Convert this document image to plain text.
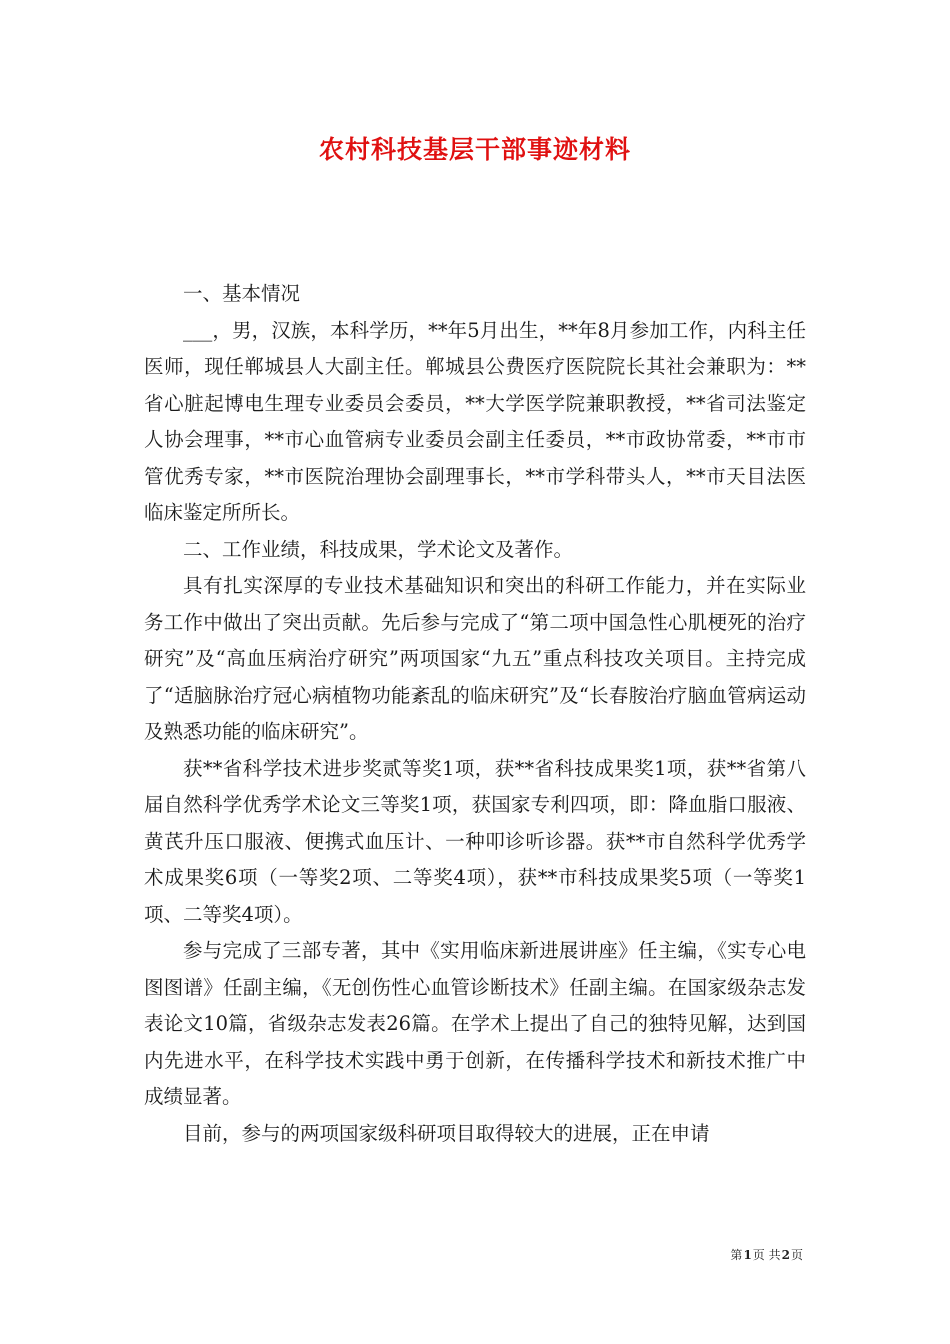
农村科技基层干部事迹材料

一、基本情况

___，男，汉族，本科学历，**年5月出生，**年8月参加工作，内科主任医师，现任郸城县人大副主任。郸城县公费医疗医院院长其社会兼职为：**省心脏起博电生理专业委员会委员，**大学医学院兼职教授，**省司法鉴定人协会理事，**市心血管病专业委员会副主任委员，**市政协常委，**市市管优秀专家，**市医院治理协会副理事长，**市学科带头人，**市天目法医临床鉴定所所长。

二、工作业绩，科技成果，学术论文及著作。

具有扎实深厚的专业技术基础知识和突出的科研工作能力，并在实际业务工作中做出了突出贡献。先后参与完成了“第二项中国急性心肌梗死的治疗研究”及“高血压病治疗研究”两项国家“九五”重点科技攻关项目。主持完成了“适脑脉治疗冠心病植物功能紊乱的临床研究”及“长春胺治疗脑血管病运动及熟悉功能的临床研究”。

获**省科学技术进步奖贰等奖1项，获**省科技成果奖1项，获**省第八届自然科学优秀学术论文三等奖1项，获国家专利四项，即：降血脂口服液、黄芪升压口服液、便携式血压计、一种叩诊听诊器。获**市自然科学优秀学术成果奖6项（一等奖2项、二等奖4项），获**市科技成果奖5项（一等奖1项、二等奖4项）。

参与完成了三部专著，其中《实用临床新进展讲座》任主编，《实专心电图图谱》任副主编，《无创伤性心血管诊断技术》任副主编。在国家级杂志发表论文10篇，省级杂志发表26篇。在学术上提出了自己的独特见解，达到国内先进水平，在科学技术实践中勇于创新，在传播科学技术和新技术推广中成绩显著。

目前，参与的两项国家级科研项目取得较大的进展，正在申请

第1页 共2页
